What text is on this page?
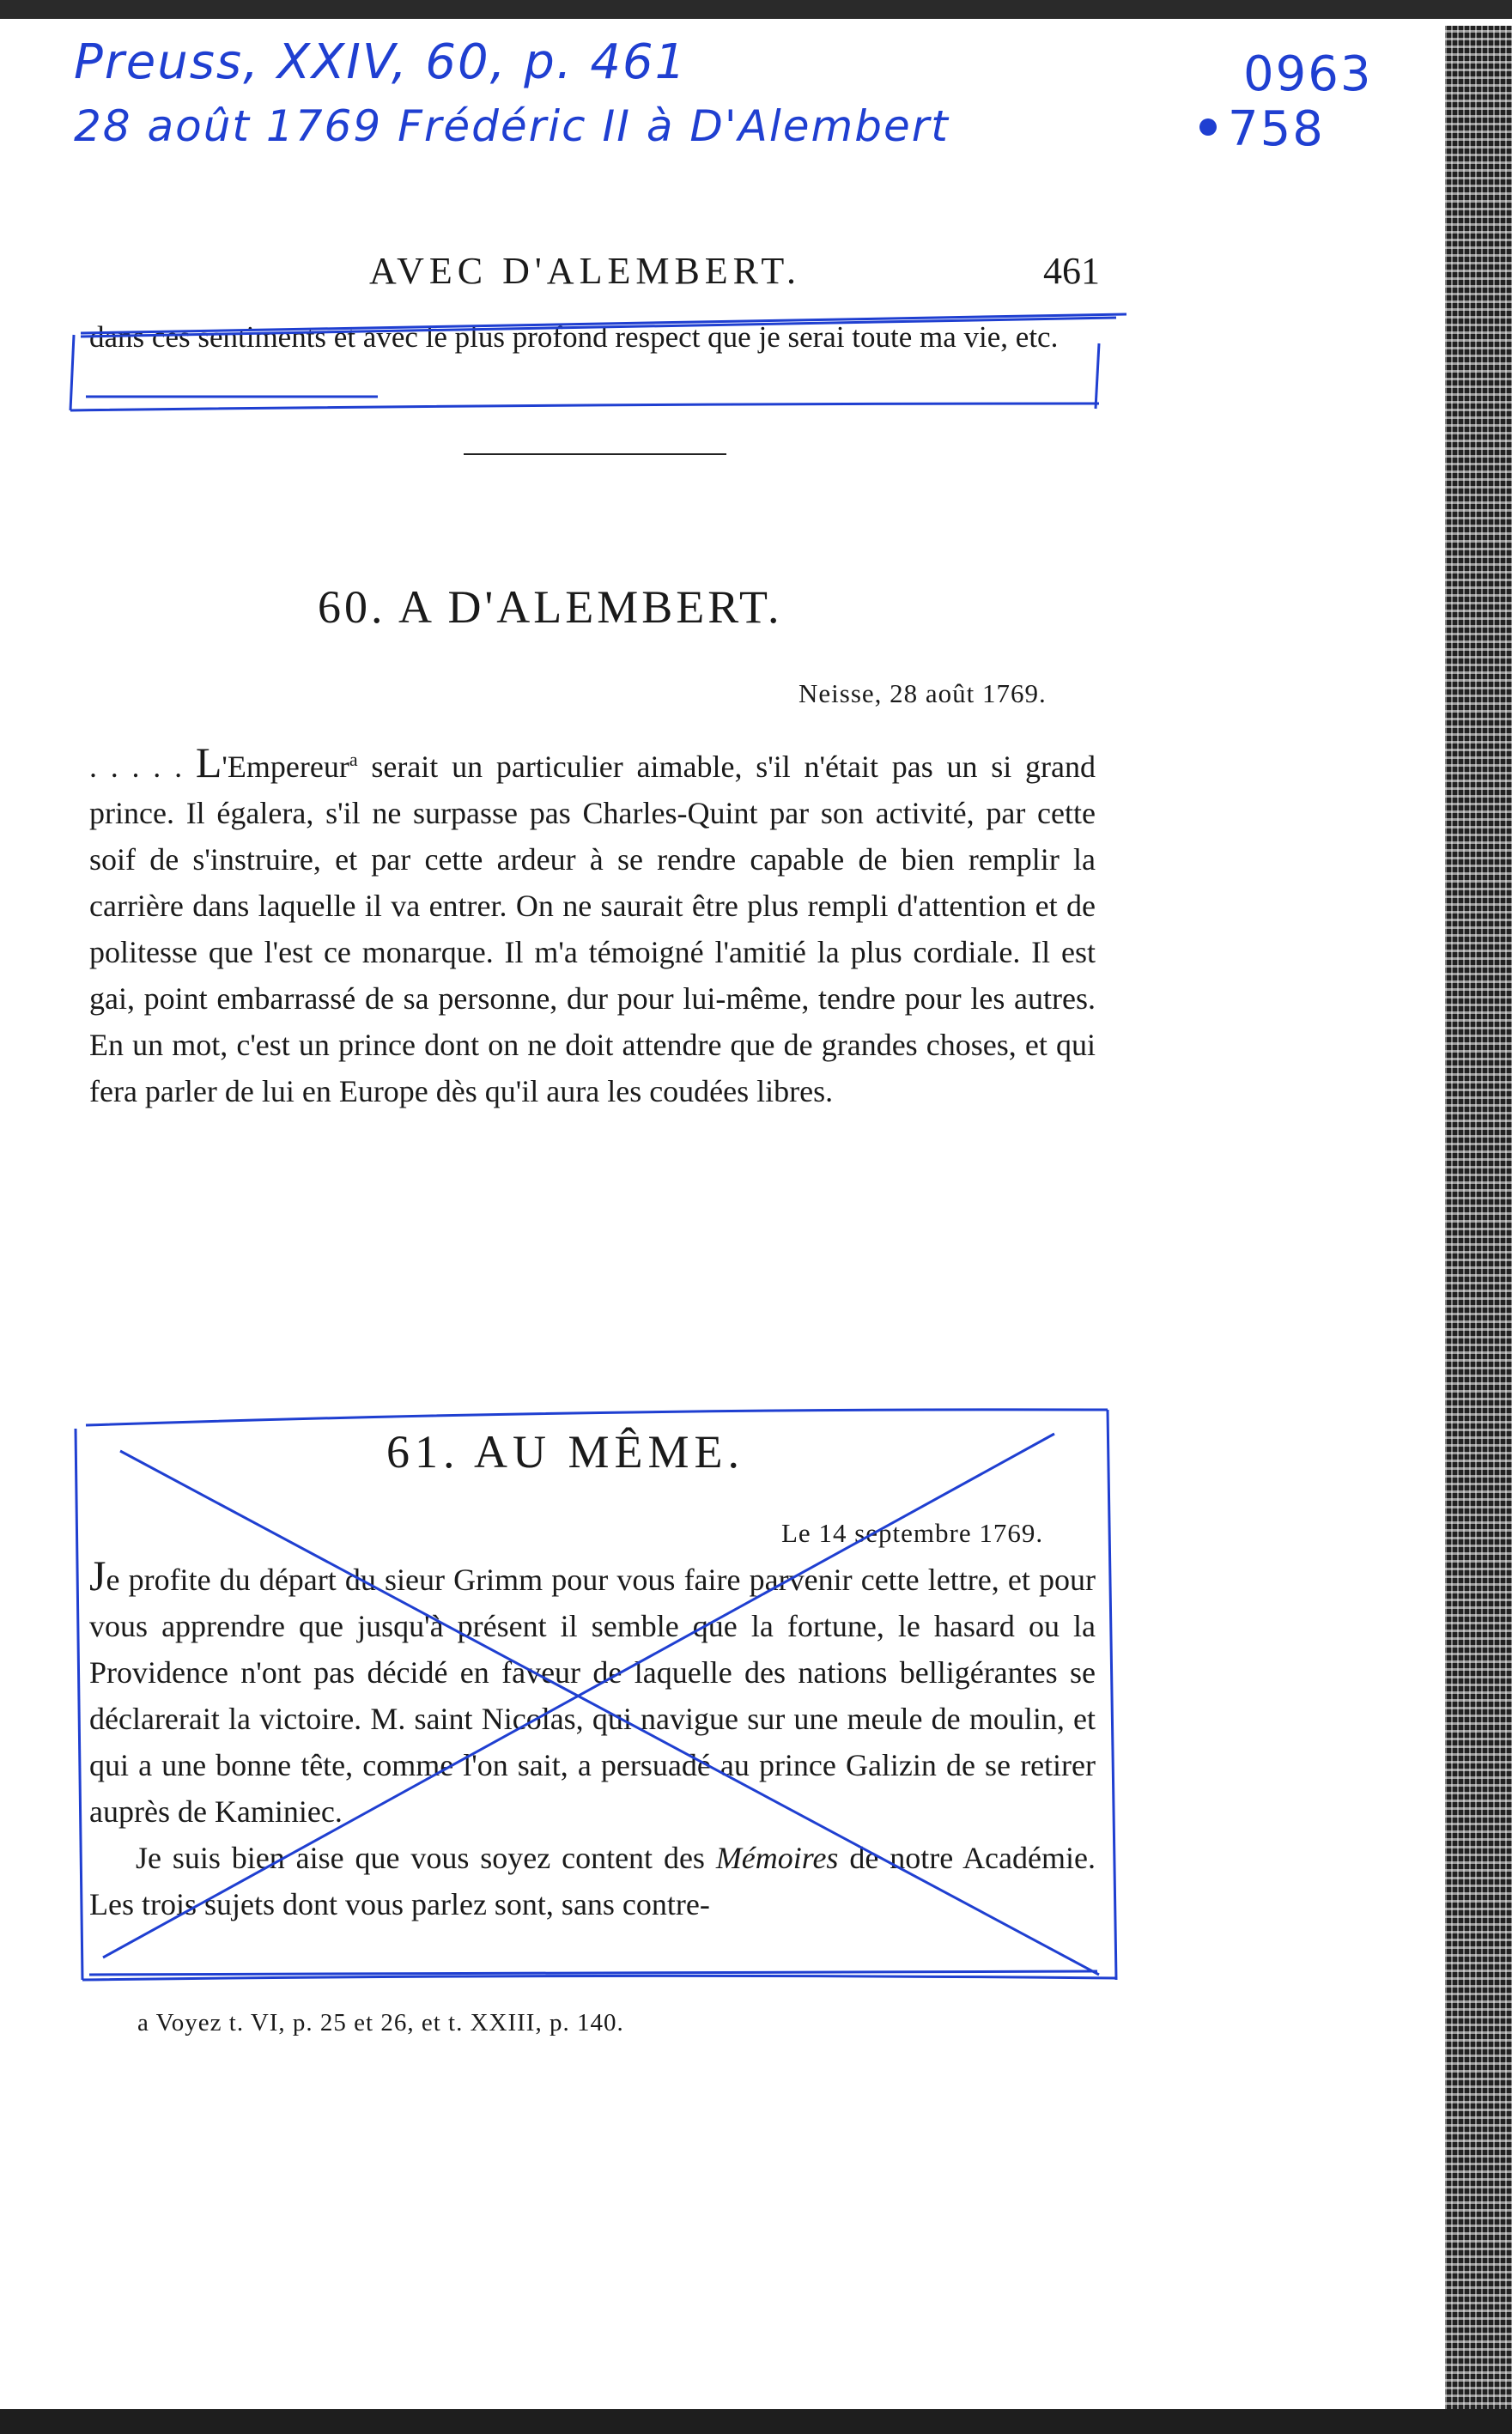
Preuss, XXIV, 60, p. 461
28 août 1769 Frédéric II à D'Alembert
0963
758
AVEC D'ALEMBERT.	461
dans ces sentiments et avec le plus profond respect que je serai toute ma vie, etc.
60. A D'ALEMBERT.
Neisse, 28 août 1769.

. . . . . L'Empereur$^a$ serait un particulier aimable, s'il n'était pas un si grand prince. Il égalera, s'il ne surpasse pas Charles-Quint par son activité, par cette soif de s'instruire, et par cette ardeur à se rendre capable de bien remplir la carrière dans laquelle il va entrer. On ne saurait être plus rempli d'attention et de politesse que l'est ce monarque. Il m'a témoigné l'amitié la plus cordiale. Il est gai, point embarrassé de sa personne, dur pour lui-même, tendre pour les autres. En un mot, c'est un prince dont on ne doit attendre que de grandes choses, et qui fera parler de lui en Europe dès qu'il aura les coudées libres.

61. AU MÊME.
Le 14 septembre 1769.

Je profite du départ du sieur Grimm pour vous faire parvenir cette lettre, et pour vous apprendre que jusqu'à présent il semble que la fortune, le hasard ou la Providence n'ont pas décidé en faveur de laquelle des nations belligérantes se déclarerait la victoire. M. saint Nicolas, qui navigue sur une meule de moulin, et qui a une bonne tête, comme l'on sait, a persuadé au prince Galizin de se retirer auprès de Kaminiec.

Je suis bien aise que vous soyez content des Mémoires de notre Académie. Les trois sujets dont vous parlez sont, sans contre-

a Voyez t. VI, p. 25 et 26, et t. XXIII, p. 140.
